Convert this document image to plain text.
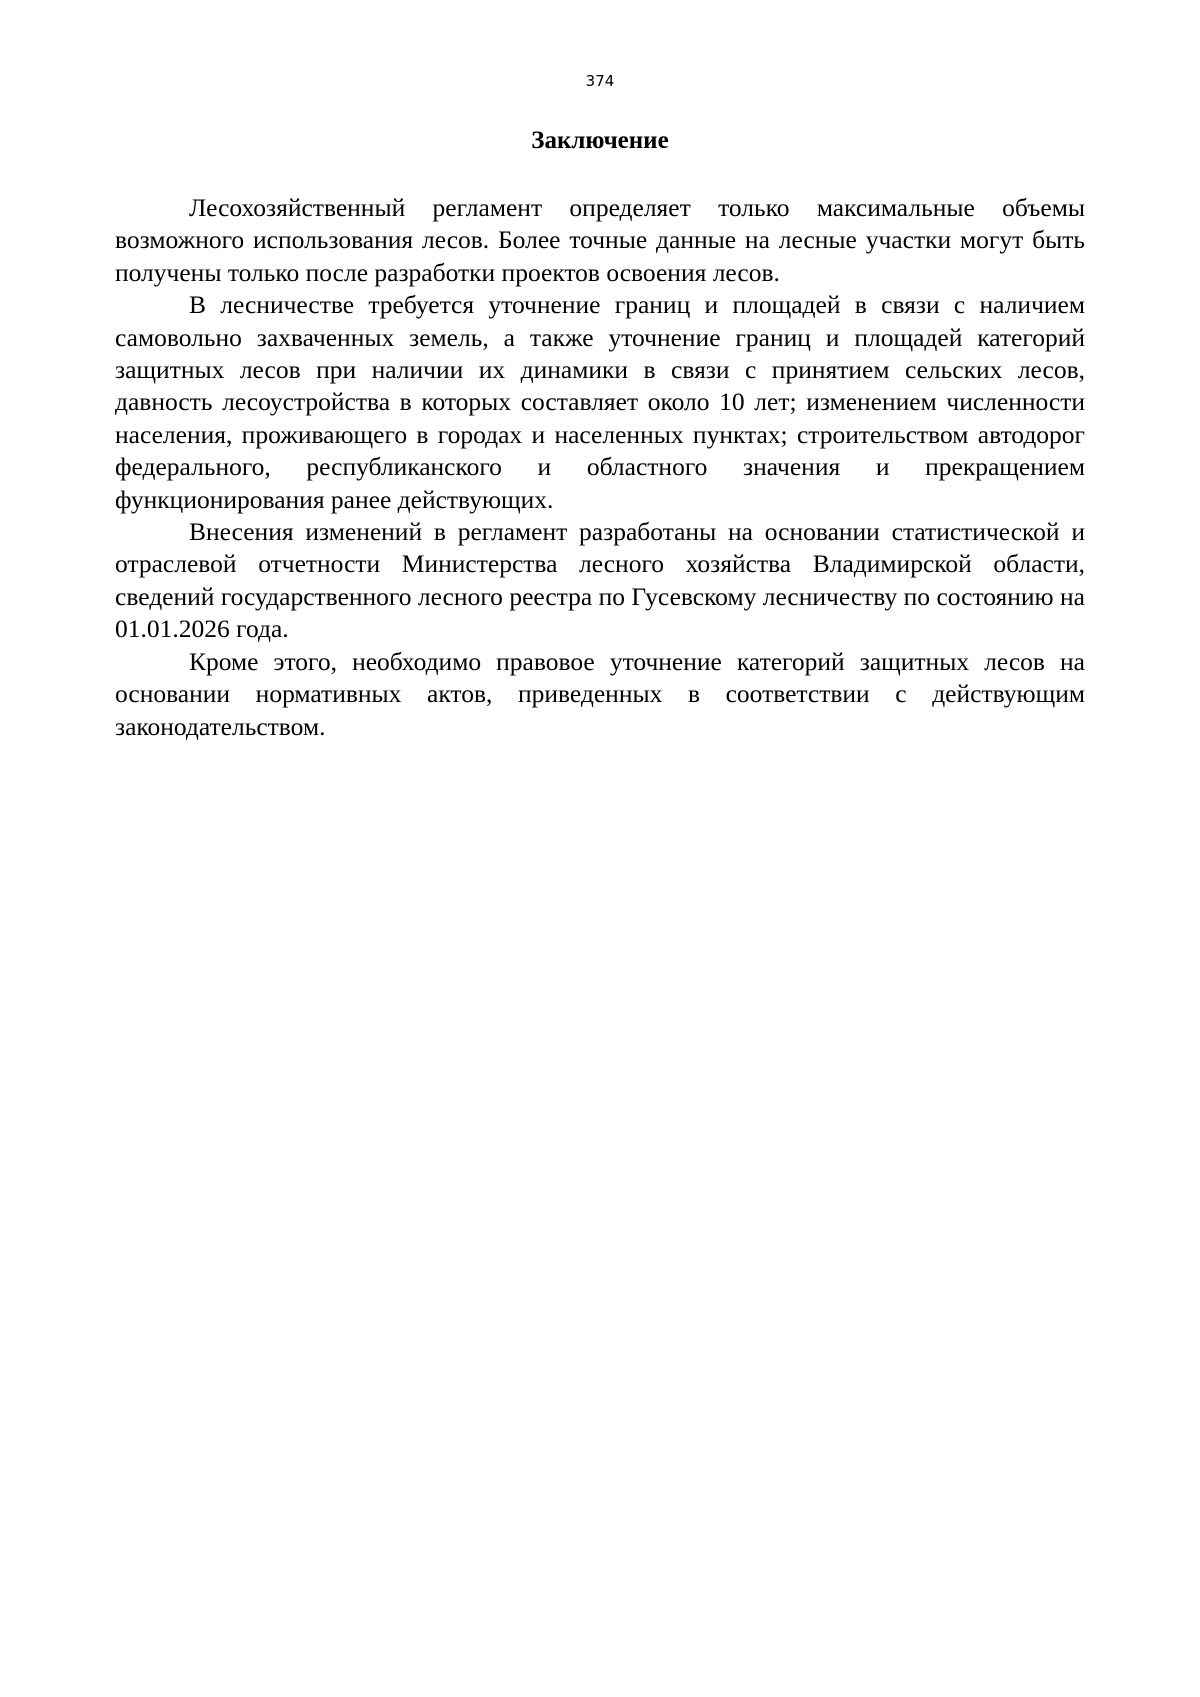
374
Заключение

Лесохозяйственный регламент определяет только максимальные объемы возможного использования лесов. Более точные данные на лесные участки могут быть получены только после разработки проектов освоения лесов.

В лесничестве требуется уточнение границ и площадей в связи с наличием самовольно захваченных земель, а также уточнение границ и площадей категорий защитных лесов при наличии их динамики в связи с принятием сельских лесов, давность лесоустройства в которых составляет около 10 лет; изменением численности населения, проживающего в городах и населенных пунктах; строительством автодорог федерального, республиканского и областного значения и прекращением функционирования ранее действующих.

Внесения изменений в регламент разработаны на основании статистической и отраслевой отчетности Министерства лесного хозяйства Владимирской области, сведений государственного лесного реестра по Гусевскому лесничеству по состоянию на 01.01.2026 года.

Кроме этого, необходимо правовое уточнение категорий защитных лесов на основании нормативных актов, приведенных в соответствии с действующим законодательством.
